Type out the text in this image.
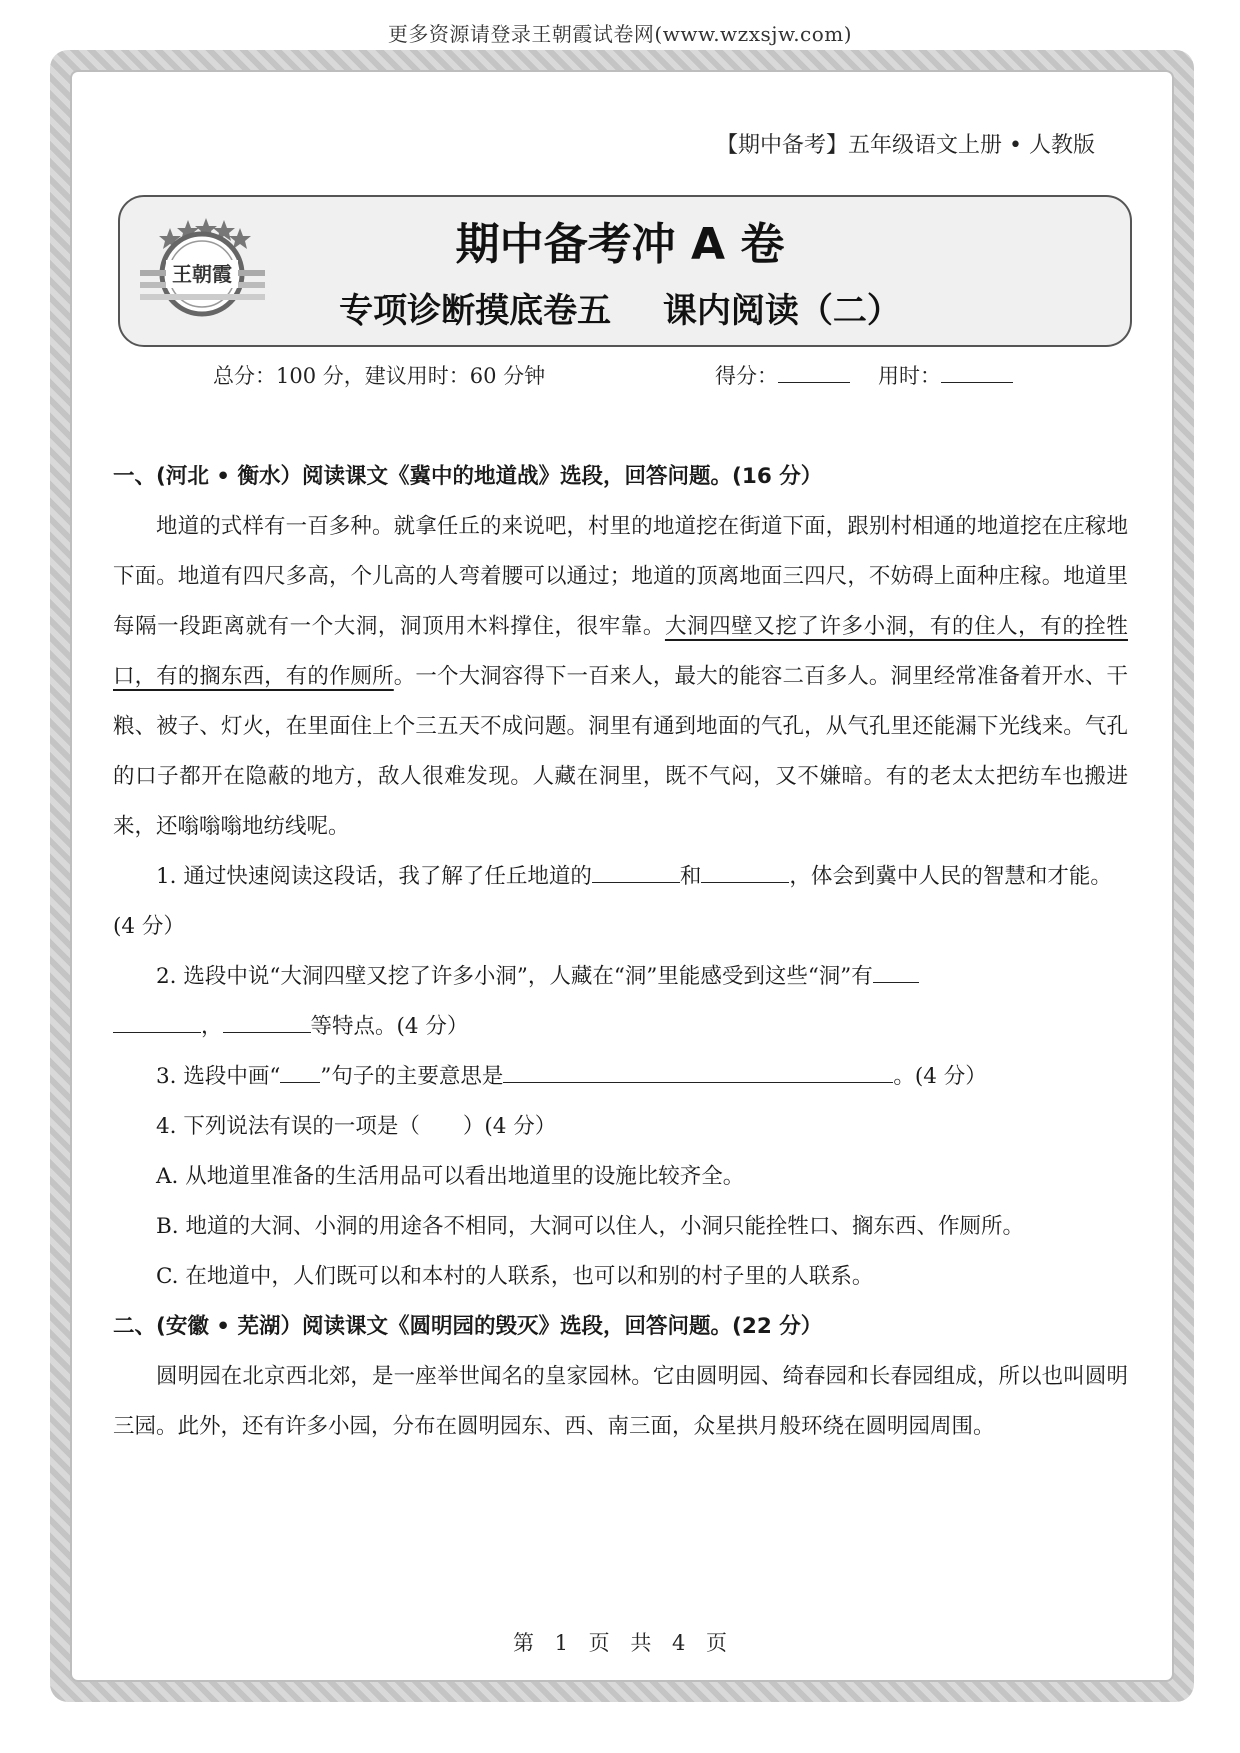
更多资源请登录王朝霞试卷网(www.wzxsjw.com)
【期中备考】五年级语文上册 • 人教版
王朝霞
期中备考冲 A 卷
专项诊断摸底卷五 课内阅读（二）
总分：100 分，建议用时：60 分钟	得分：	用时：

一、(河北 • 衡水）阅读课文《冀中的地道战》选段，回答问题。(16 分）

地道的式样有一百多种。就拿任丘的来说吧，村里的地道挖在街道下面，跟别村相通的地道挖在庄稼地下面。地道有四尺多高，个儿高的人弯着腰可以通过；地道的顶离地面三四尺，不妨碍上面种庄稼。地道里每隔一段距离就有一个大洞，洞顶用木料撑住，很牢靠。大洞四壁又挖了许多小洞，有的住人，有的拴牲口，有的搁东西，有的作厕所。一个大洞容得下一百来人，最大的能容二百多人。洞里经常准备着开水、干粮、被子、灯火，在里面住上个三五天不成问题。洞里有通到地面的气孔，从气孔里还能漏下光线来。气孔的口子都开在隐蔽的地方，敌人很难发现。人藏在洞里，既不气闷，又不嫌暗。有的老太太把纺车也搬进来，还嗡嗡嗡地纺线呢。

1. 通过快速阅读这段话，我了解了任丘地道的	和	，体会到冀中人民的智慧和才能。(4 分）

2. 选段中说“大洞四壁又挖了许多小洞”，人藏在“洞”里能感受到这些“洞”有
，	等特点。(4 分）

3. 选段中画“ ”句子的主要意思是	。(4 分）

4. 下列说法有误的一项是（　　）(4 分）

A. 从地道里准备的生活用品可以看出地道里的设施比较齐全。

B. 地道的大洞、小洞的用途各不相同，大洞可以住人，小洞只能拴牲口、搁东西、作厕所。

C. 在地道中，人们既可以和本村的人联系，也可以和别的村子里的人联系。

二、(安徽 • 芜湖）阅读课文《圆明园的毁灭》选段，回答问题。(22 分）

圆明园在北京西北郊，是一座举世闻名的皇家园林。它由圆明园、绮春园和长春园组成，所以也叫圆明三园。此外，还有许多小园，分布在圆明园东、西、南三面，众星拱月般环绕在圆明园周围。

第 1 页 共 4 页
